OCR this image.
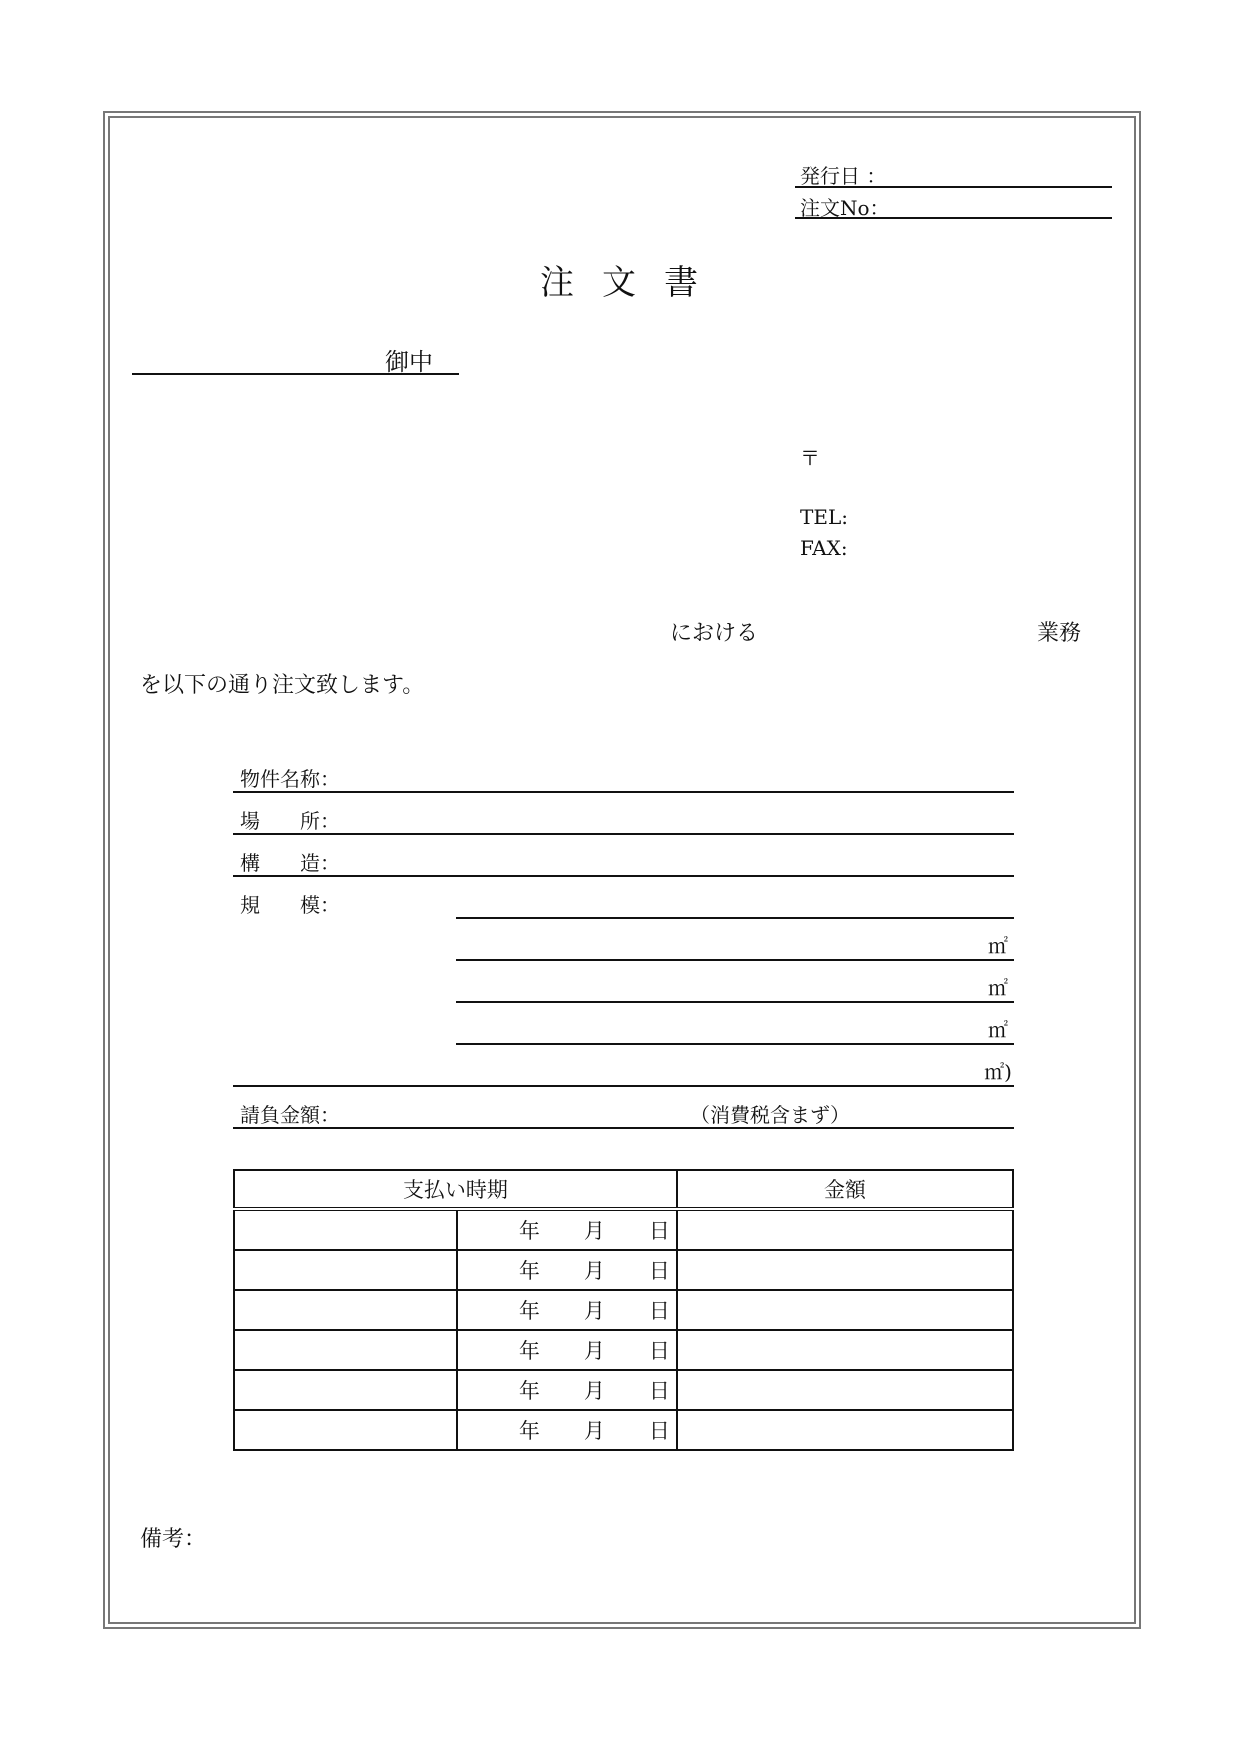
発行日 ：
注文No：
注文書
御中
〒
TEL:
FAX:
における	業務
を以下の通り注文致します。
物件名称：
場　　所：
構　　造：
規　　模：
㎡
㎡
㎡
㎡)
請負金額：	（消費税含まず）
支払い時期		金額
	年 月 日	
	年 月 日	
	年 月 日	
	年 月 日	
	年 月 日	
	年 月 日	
備考：
